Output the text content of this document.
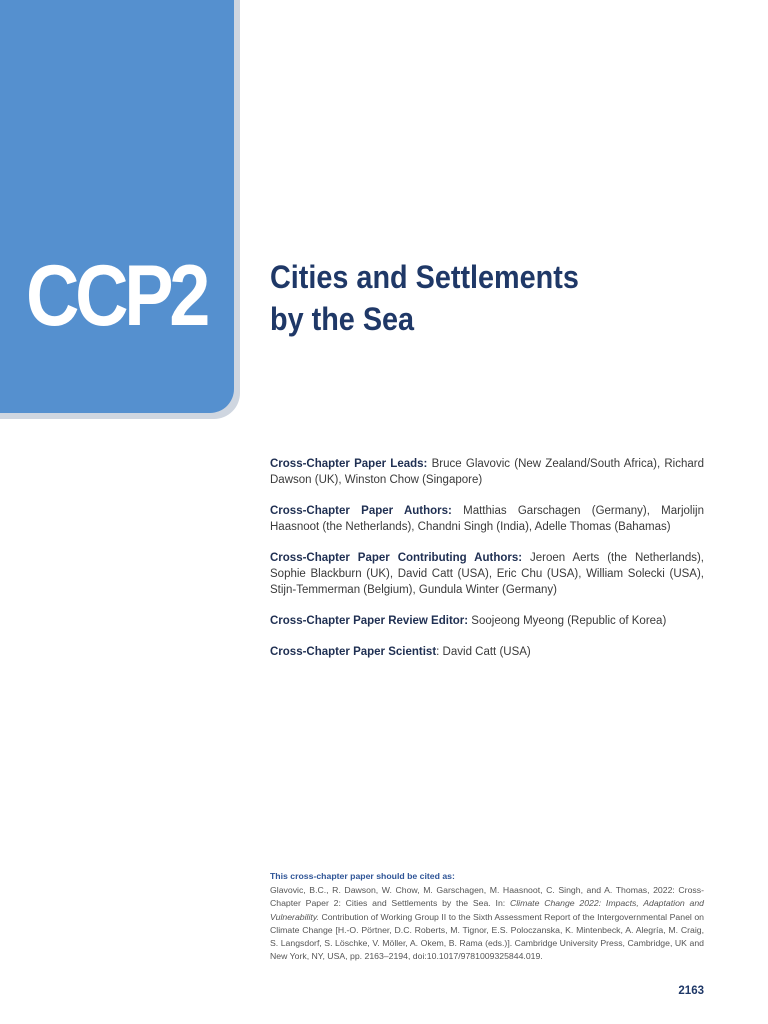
CCP2 Cities and Settlements
by the Sea

Cross-Chapter Paper Leads: Bruce Glavovic (New Zealand/South Africa), Richard Dawson (UK), Winston Chow (Singapore)

Cross-Chapter Paper Authors: Matthias Garschagen (Germany), Marjolijn Haasnoot (the Netherlands), Chandni Singh (India), Adelle Thomas (Bahamas)

Cross-Chapter Paper Contributing Authors: Jeroen Aerts (the Netherlands), Sophie Blackburn (UK), David Catt (USA), Eric Chu (USA), William Solecki (USA), Stijn-Temmerman (Belgium), Gundula Winter (Germany)

Cross-Chapter Paper Review Editor: Soojeong Myeong (Republic of Korea)

Cross-Chapter Paper Scientist: David Catt (USA)

This cross-chapter paper should be cited as:

Glavovic, B.C., R. Dawson, W. Chow, M. Garschagen, M. Haasnoot, C. Singh, and A. Thomas, 2022: Cross-Chapter Paper 2: Cities and Settlements by the Sea. In: Climate Change 2022: Impacts, Adaptation and Vulnerability. Contribution of Working Group II to the Sixth Assessment Report of the Intergovernmental Panel on Climate Change [H.-O. Pörtner, D.C. Roberts, M. Tignor, E.S. Poloczanska, K. Mintenbeck, A. Alegría, M. Craig, S. Langsdorf, S. Löschke, V. Möller, A. Okem, B. Rama (eds.)]. Cambridge University Press, Cambridge, UK and New York, NY, USA, pp. 2163–2194, doi:10.1017/9781009325844.019.

2163
